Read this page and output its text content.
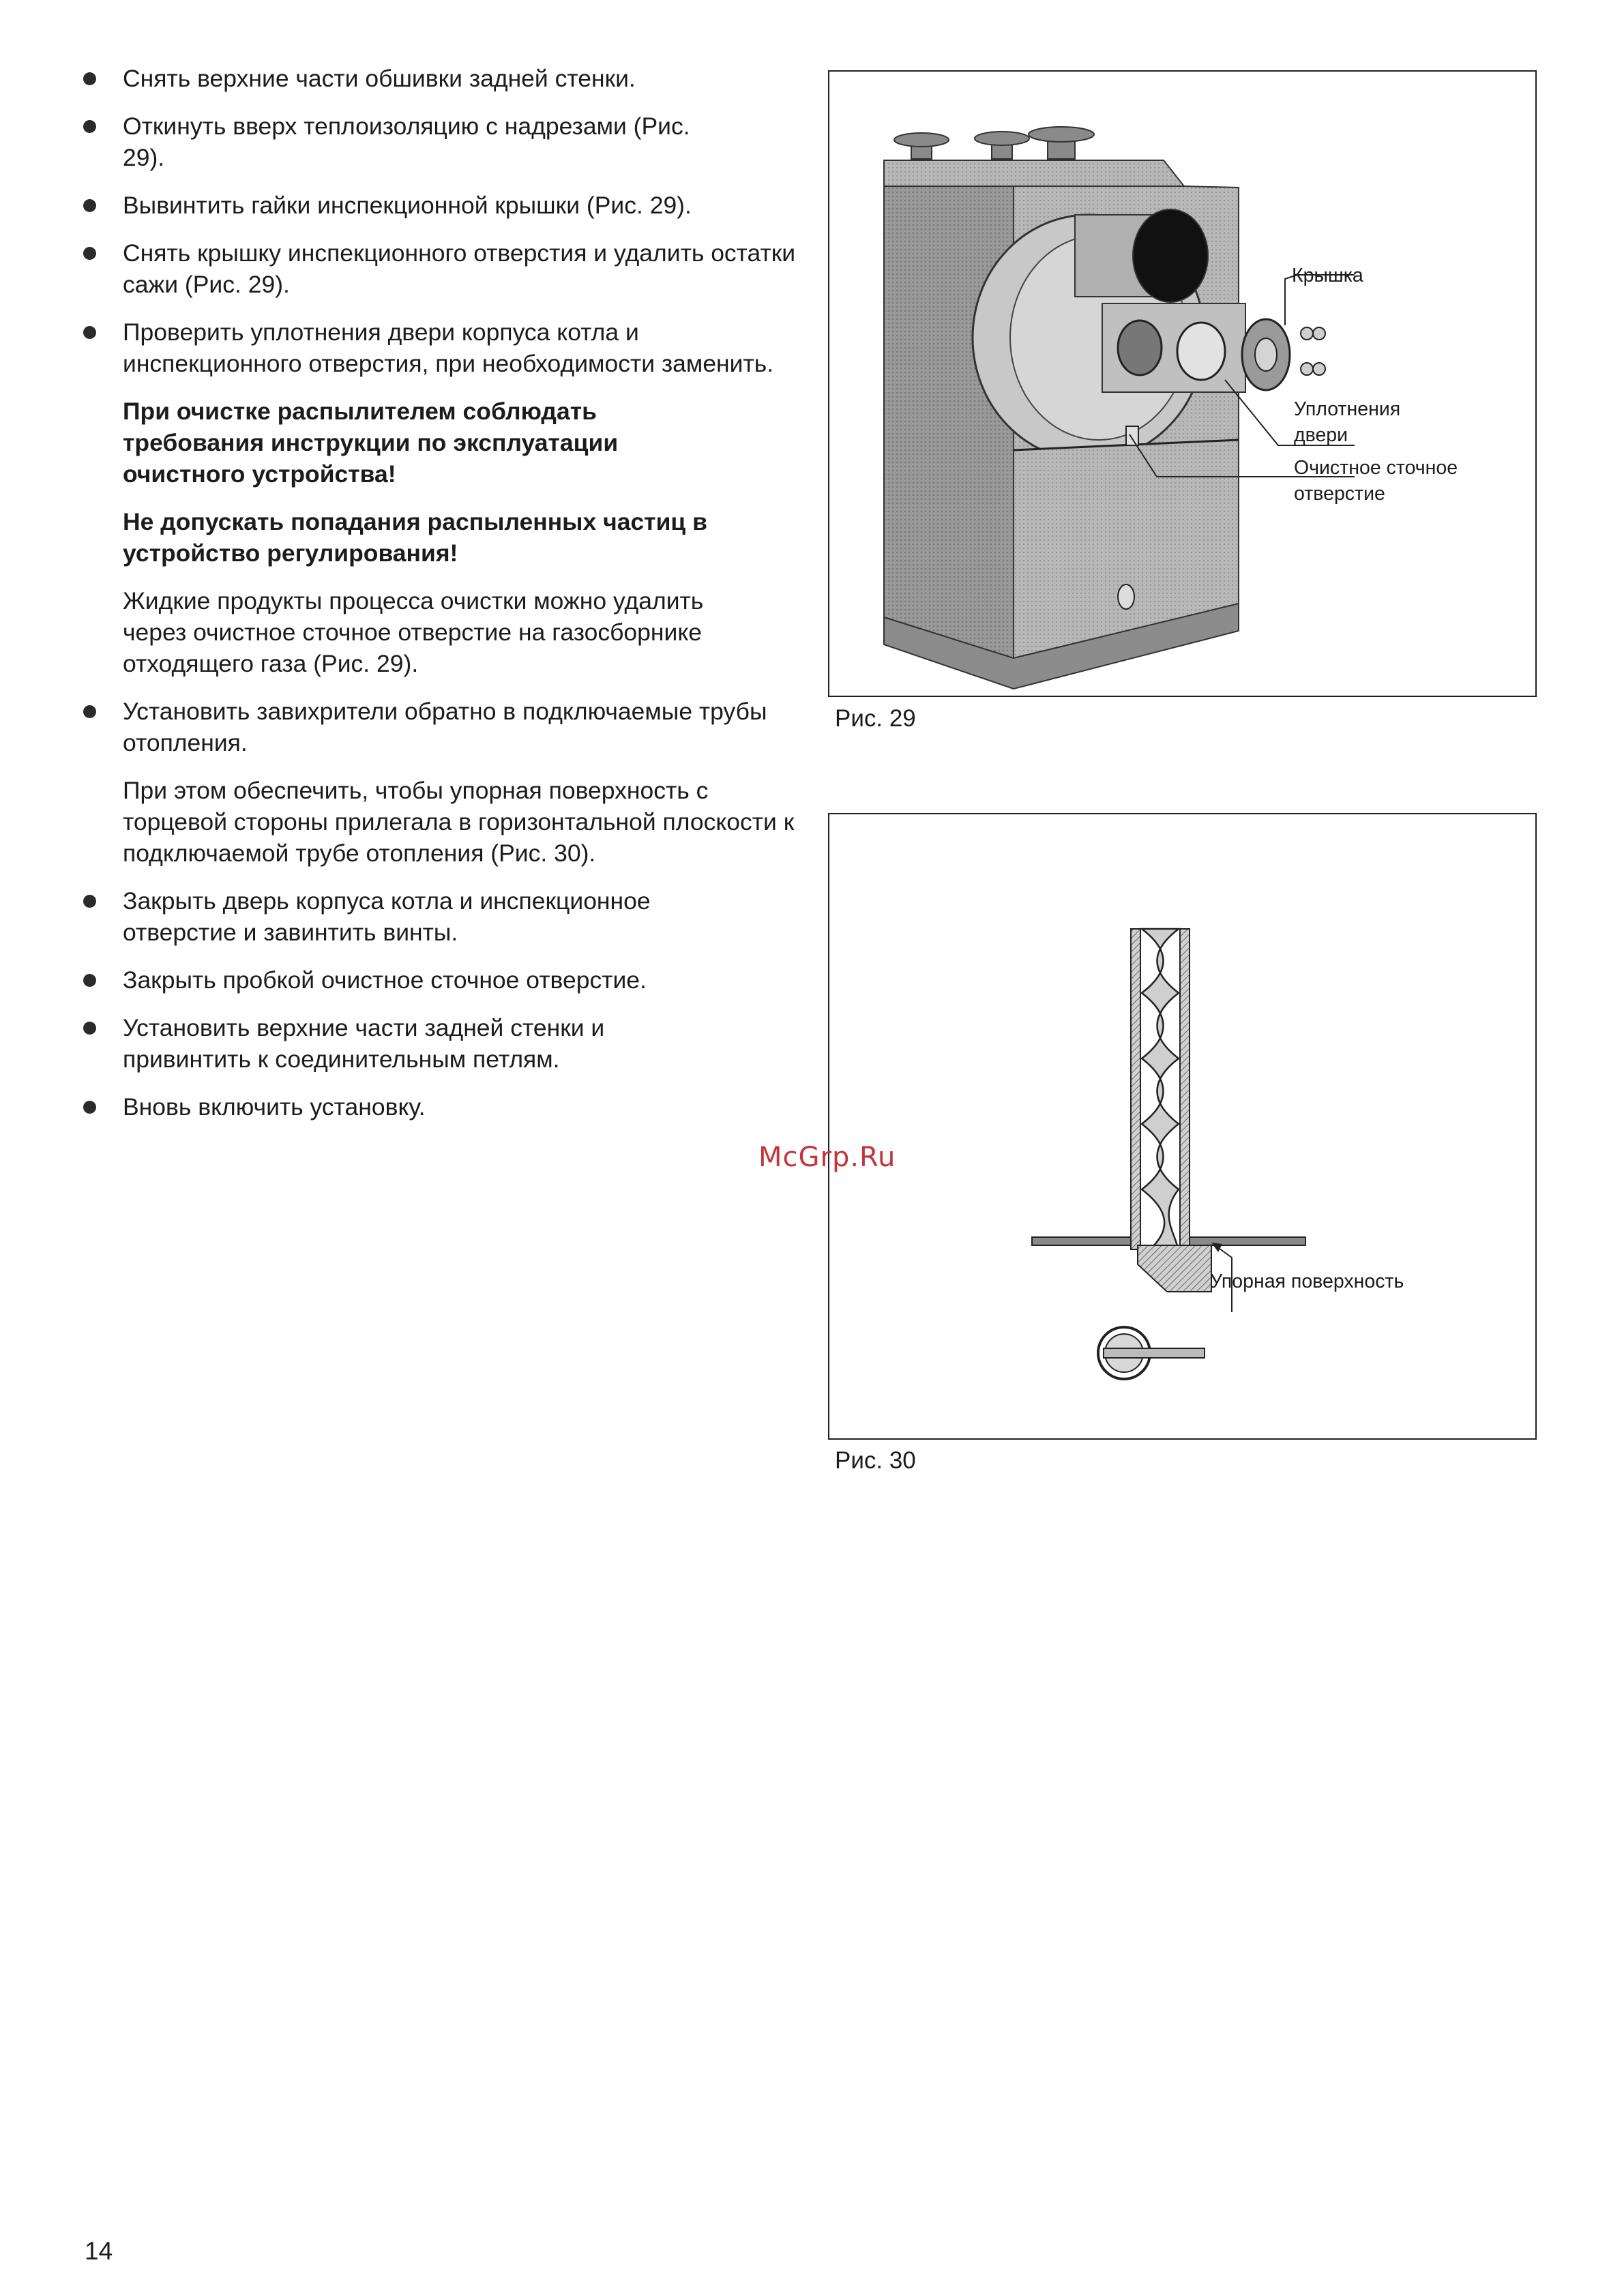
Снять верхние части обшивки задней стенки.
Откинуть вверх теплоизоляцию с надрезами (Рис. 29).
Вывинтить гайки инспекционной крышки (Рис. 29).
Снять крышку инспекционного отверстия и удалить остатки сажи (Рис. 29).
Проверить уплотнения двери корпуса котла и инспекционного отверстия, при необходимости заменить.
При очистке распылителем соблюдать требования инструкции по эксплуатации очистного устройства!
Не допускать попадания распыленных частиц в устройство регулирования!
Жидкие продукты процесса очистки можно удалить через очистное сточное отверстие на газосборнике отходящего газа (Рис. 29).
Установить завихрители обратно в подключаемые трубы отопления.
При этом обеспечить, чтобы упорная поверхность с торцевой стороны прилегала в горизонтальной плоскости к подключаемой трубе отопления (Рис. 30).
Закрыть дверь корпуса котла и инспекционное отверстие и завинтить винты.
Закрыть пробкой очистное сточное отверстие.
Установить верхние части задней стенки и привинтить к соединительным петлям.
Вновь включить установку.
Крышка
Уплотнения
двери
Очистное сточное
отверстие
Рис. 29
Упорная поверхность
Рис. 30
McGrp.Ru
14
